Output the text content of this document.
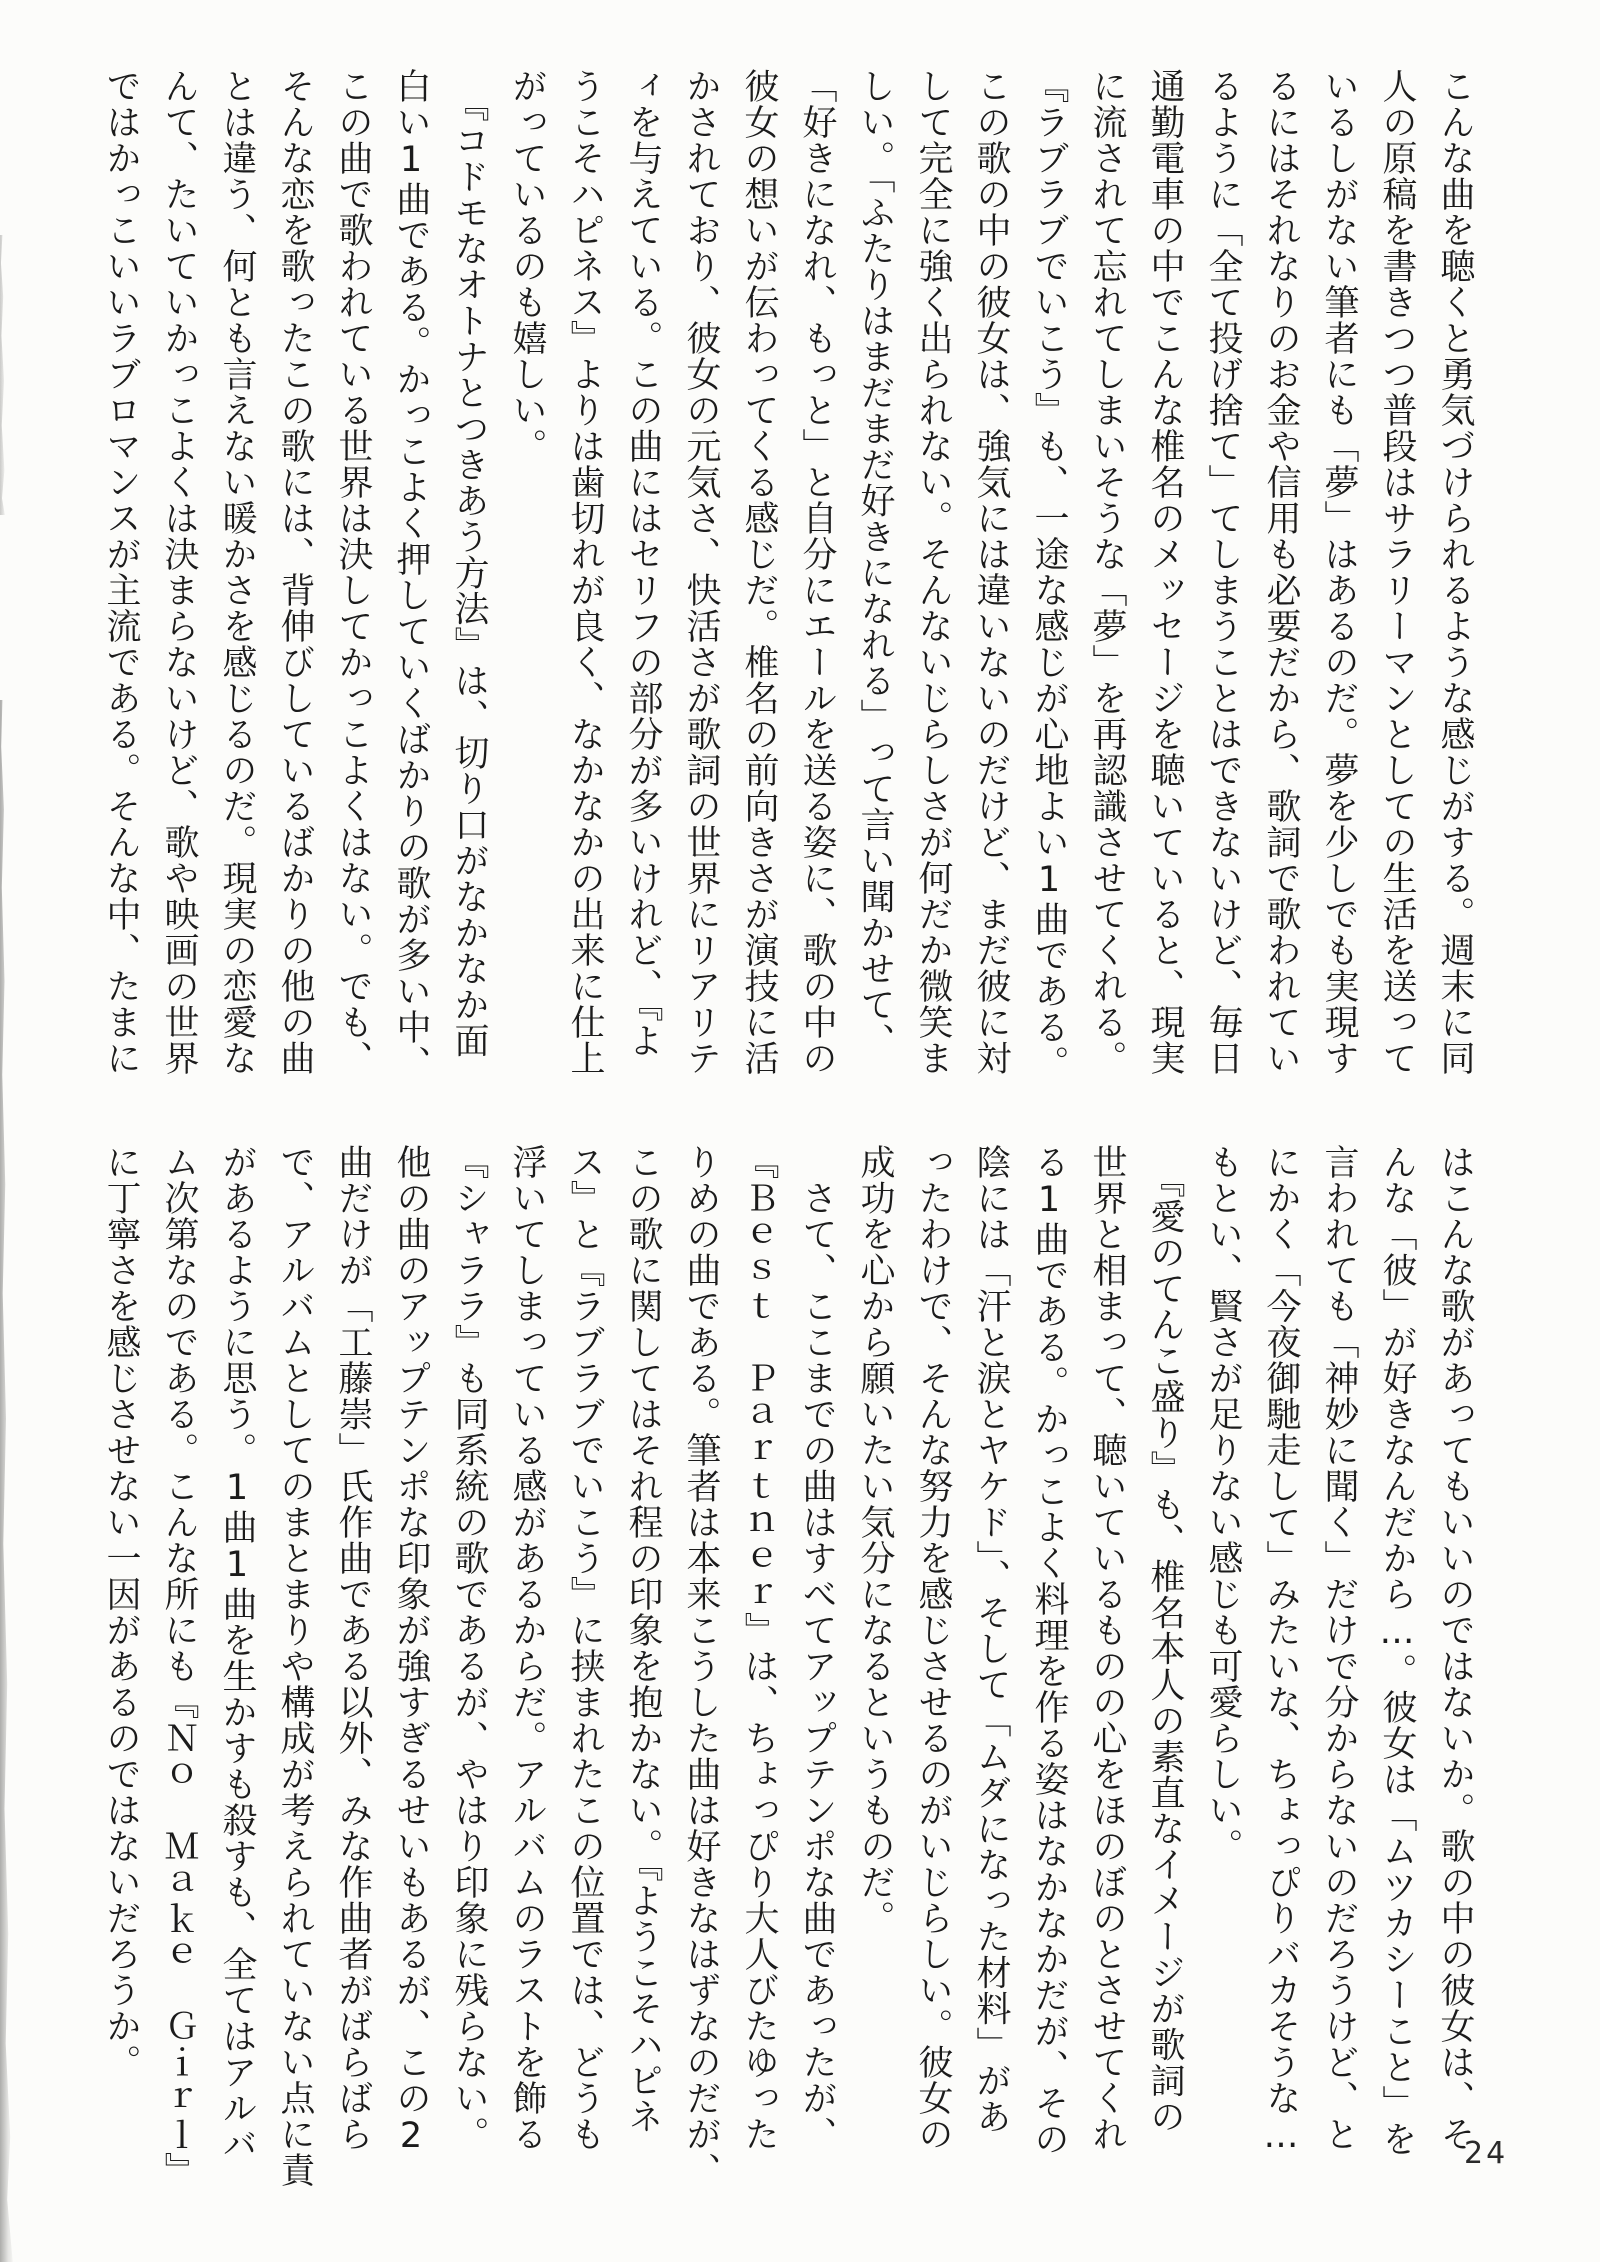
こんな曲を聴くと勇気づけられるような感じがする。週末に同
人の原稿を書きつつ普段はサラリーマンとしての生活を送って
いるしがない筆者にも「夢」はあるのだ。夢を少しでも実現す
るにはそれなりのお金や信用も必要だから、歌詞で歌われてい
るように「全て投げ捨て」てしまうことはできないけど、毎日
通勤電車の中でこんな椎名のメッセージを聴いていると、現実
に流されて忘れてしまいそうな「夢」を再認識させてくれる。
『ラブラブでいこう』も、一途な感じが心地よい1曲である。
この歌の中の彼女は、強気には違いないのだけど、まだ彼に対
して完全に強く出られない。そんないじらしさが何だか微笑ま
しい。「ふたりはまだまだ好きになれる」って言い聞かせて、
「好きになれ、もっと」と自分にエールを送る姿に、歌の中の
彼女の想いが伝わってくる感じだ。椎名の前向きさが演技に活
かされており、彼女の元気さ、快活さが歌詞の世界にリアリテ
ィを与えている。この曲にはセリフの部分が多いけれど、『よ
うこそハピネス』よりは歯切れが良く、なかなかの出来に仕上
がっているのも嬉しい。
　『コドモなオトナとつきあう方法』は、切り口がなかなか面
白い1曲である。かっこよく押していくばかりの歌が多い中、
この曲で歌われている世界は決してかっこよくはない。でも、
そんな恋を歌ったこの歌には、背伸びしているばかりの他の曲
とは違う、何とも言えない暖かさを感じるのだ。現実の恋愛な
んて、たいていかっこよくは決まらないけど、歌や映画の世界
ではかっこいいラブロマンスが主流である。そんな中、たまに
はこんな歌があってもいいのではないか。歌の中の彼女は、そ
んな「彼」が好きなんだから…。彼女は「ムツカシーこと」を
言われても「神妙に聞く」だけで分からないのだろうけど、と
にかく「今夜御馳走して」みたいな、ちょっぴりバカそうな…
もとい、賢さが足りない感じも可愛らしい。
　『愛のてんこ盛り』も、椎名本人の素直なイメージが歌詞の
世界と相まって、聴いているものの心をほのぼのとさせてくれ
る1曲である。かっこよく料理を作る姿はなかなかだが、その
陰には「汗と涙とヤケド」、そして「ムダになった材料」があ
ったわけで、そんな努力を感じさせるのがいじらしい。彼女の
成功を心から願いたい気分になるというものだ。
　さて、ここまでの曲はすべてアップテンポな曲であったが、
『Ｂｅｓｔ　Ｐａｒｔｎｅｒ』は、ちょっぴり大人びたゆった
りめの曲である。筆者は本来こうした曲は好きなはずなのだが、
この歌に関してはそれ程の印象を抱かない。『ようこそハピネ
ス』と『ラブラブでいこう』に挟まれたこの位置では、どうも
浮いてしまっている感があるからだ。アルバムのラストを飾る
『シャララ』も同系統の歌であるが、やはり印象に残らない。
他の曲のアップテンポな印象が強すぎるせいもあるが、この2
曲だけが「工藤崇」氏作曲である以外、みな作曲者がばらばら
で、アルバムとしてのまとまりや構成が考えられていない点に責
があるように思う。1曲1曲を生かすも殺すも、全てはアルバ
ム次第なのである。こんな所にも『Ｎｏ　Ｍａｋｅ　Ｇｉｒｌ』
に丁寧さを感じさせない一因があるのではないだろうか。
24
